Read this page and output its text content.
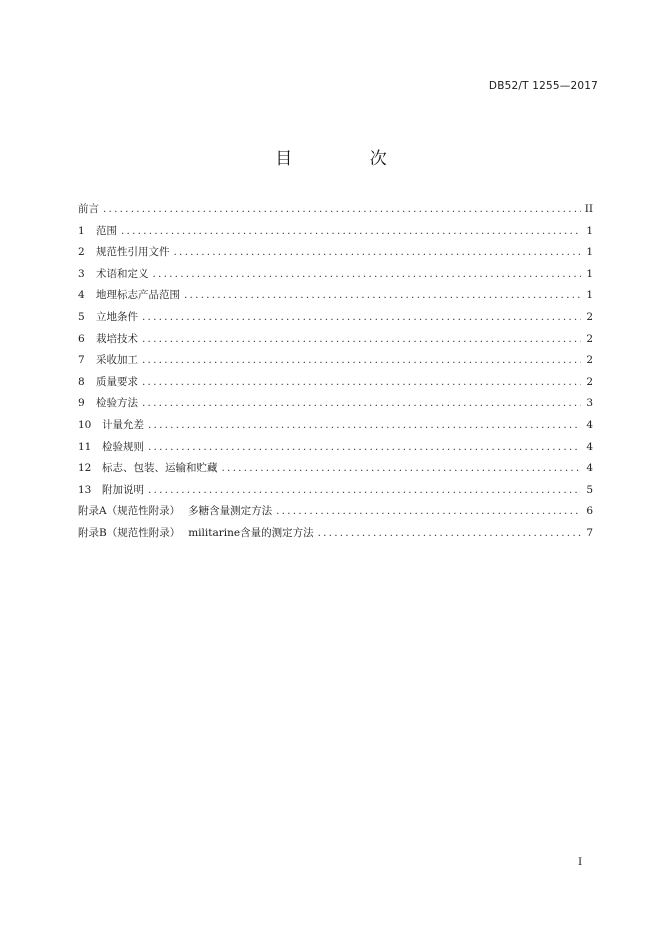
DB52/T 1255—2017
目 次
前言 .....	II
1	范围 .....	1
2	规范性引用文件 .....	1
3	术语和定义 .....	1
4	地理标志产品范围 .....	1
5	立地条件 .....	2
6	栽培技术 .....	2
7	采收加工 .....	2
8	质量要求 .....	2
9	检验方法 .....	3
10	计量允差 .....	4
11	检验规则 .....	4
12	标志、包装、运输和贮藏 .....	4
13	附加说明 .....	5
附录A（规范性附录） 多糖含量测定方法 .....	6
附录B（规范性附录） militarine含量的测定方法 .....	7
I
